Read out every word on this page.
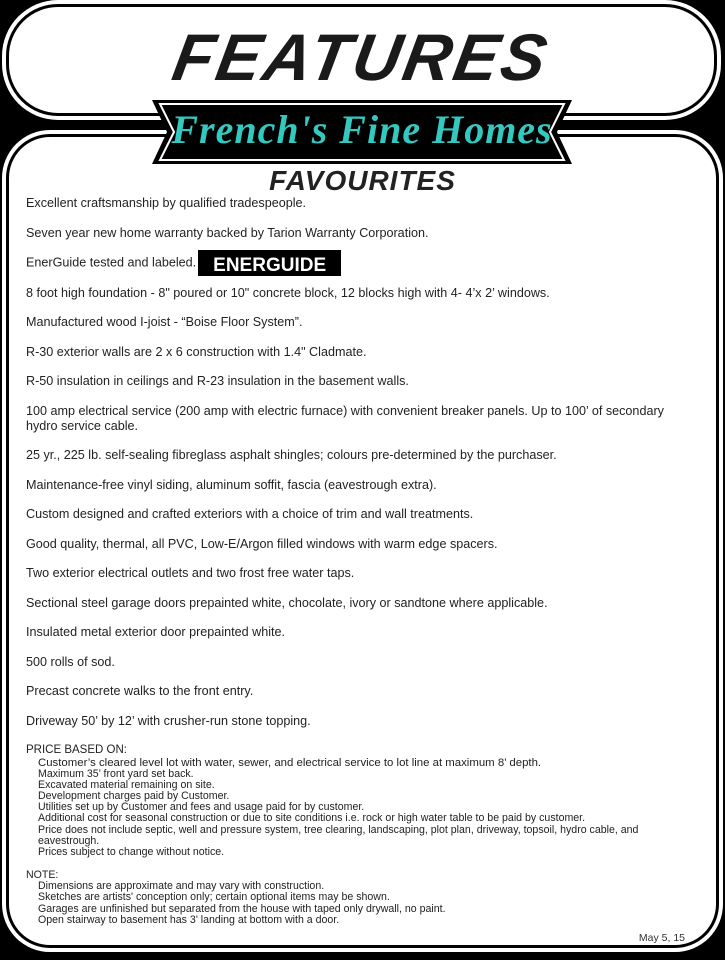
FEATURES
French's Fine Homes
FAVOURITES

Excellent craftsmanship by qualified tradespeople.

Seven year new home warranty backed by Tarion Warranty Corporation.

EnerGuide tested and labeled. ENERGUIDE

8 foot high foundation - 8" poured or 10" concrete block, 12 blocks high with 4- 4’x 2’ windows.

Manufactured wood I-joist - “Boise Floor System”.

R-30 exterior walls are 2 x 6 construction with 1.4" Cladmate.

R-50 insulation in ceilings and R-23 insulation in the basement walls.

100 amp electrical service (200 amp with electric furnace) with convenient breaker panels. Up to 100’ of secondary hydro service cable.

25 yr., 225 lb. self-sealing fibreglass asphalt shingles; colours pre-determined by the purchaser.

Maintenance-free vinyl siding, aluminum soffit, fascia (eavestrough extra).

Custom designed and crafted exteriors with a choice of trim and wall treatments.

Good quality, thermal, all PVC, Low-E/Argon filled windows with warm edge spacers.

Two exterior electrical outlets and two frost free water taps.

Sectional steel garage doors prepainted white, chocolate, ivory or sandtone where applicable.

Insulated metal exterior door prepainted white.

500 rolls of sod.

Precast concrete walks to the front entry.

Driveway 50’ by 12’ with crusher-run stone topping.

PRICE BASED ON:

Customer’s cleared level lot with water, sewer, and electrical service to lot line at maximum 8’ depth.

Maximum 35’ front yard set back.

Excavated material remaining on site.

Development charges paid by Customer.

Utilities set up by Customer and fees and usage paid for by customer.

Additional cost for seasonal construction or due to site conditions i.e. rock or high water table to be paid by customer.

Price does not include septic, well and pressure system, tree clearing, landscaping, plot plan, driveway, topsoil, hydro cable, and eavestrough.

Prices subject to change without notice.

NOTE:

Dimensions are approximate and may vary with construction.

Sketches are artists' conception only; certain optional items may be shown.

Garages are unfinished but separated from the house with taped only drywall, no paint.

Open stairway to basement has 3' landing at bottom with a door.

May 5, 15
